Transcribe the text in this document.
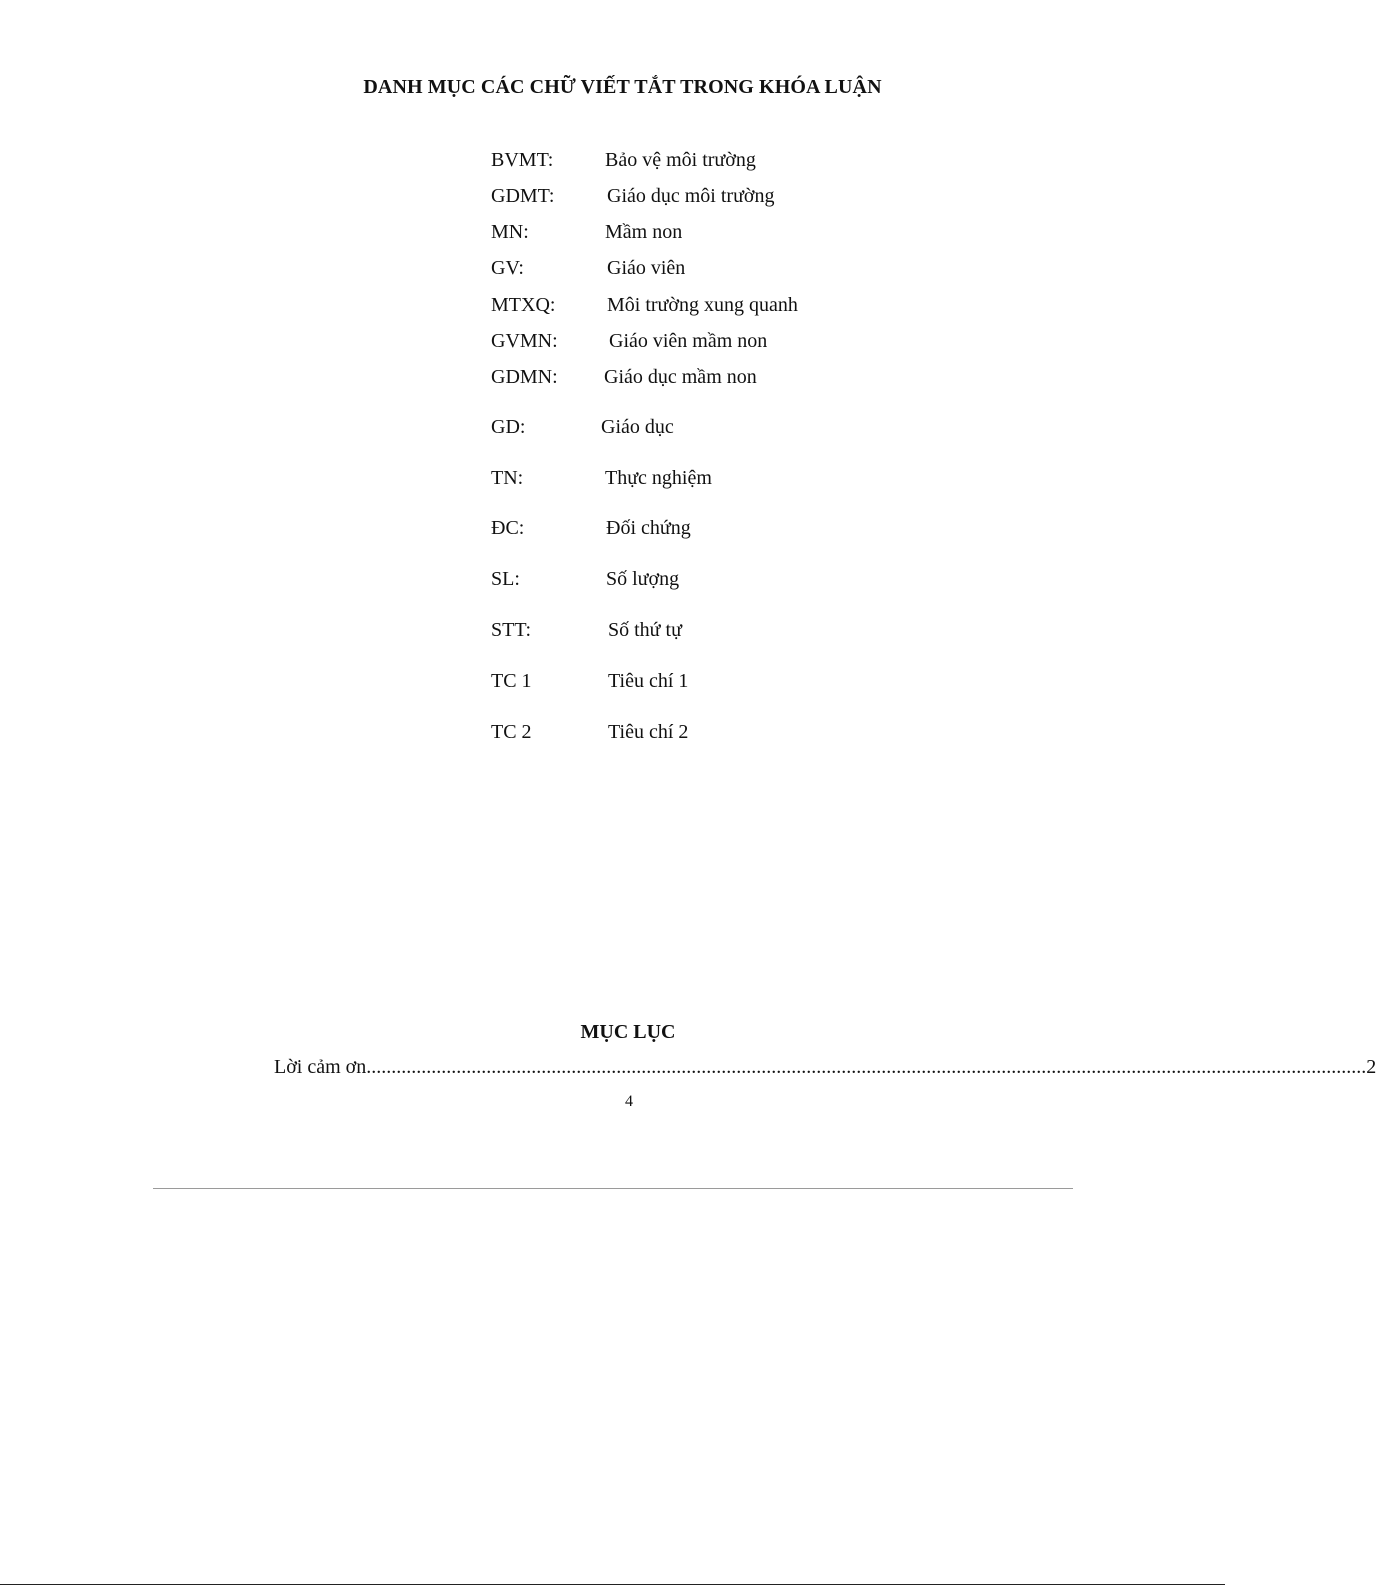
DANH MỤC CÁC CHỮ VIẾT TẮT TRONG KHÓA LUẬN
BVMT:	Bảo vệ môi trường
GDMT:	Giáo dục môi trường
MN:	Mầm non
GV:	Giáo viên
MTXQ:	Môi trường xung quanh
GVMN:	Giáo viên mầm non
GDMN: Giáo dục mầm non
GD:	Giáo dục
TN:	Thực nghiệm
ĐC:	Đối chứng
SL:	Số lượng
STT:	Số thứ tự
TC 1	Tiêu chí 1
TC 2	Tiêu chí 2
MỤC LỤC
Lời cảm ơn ........................................................................................................................................................................................................ 2
4
